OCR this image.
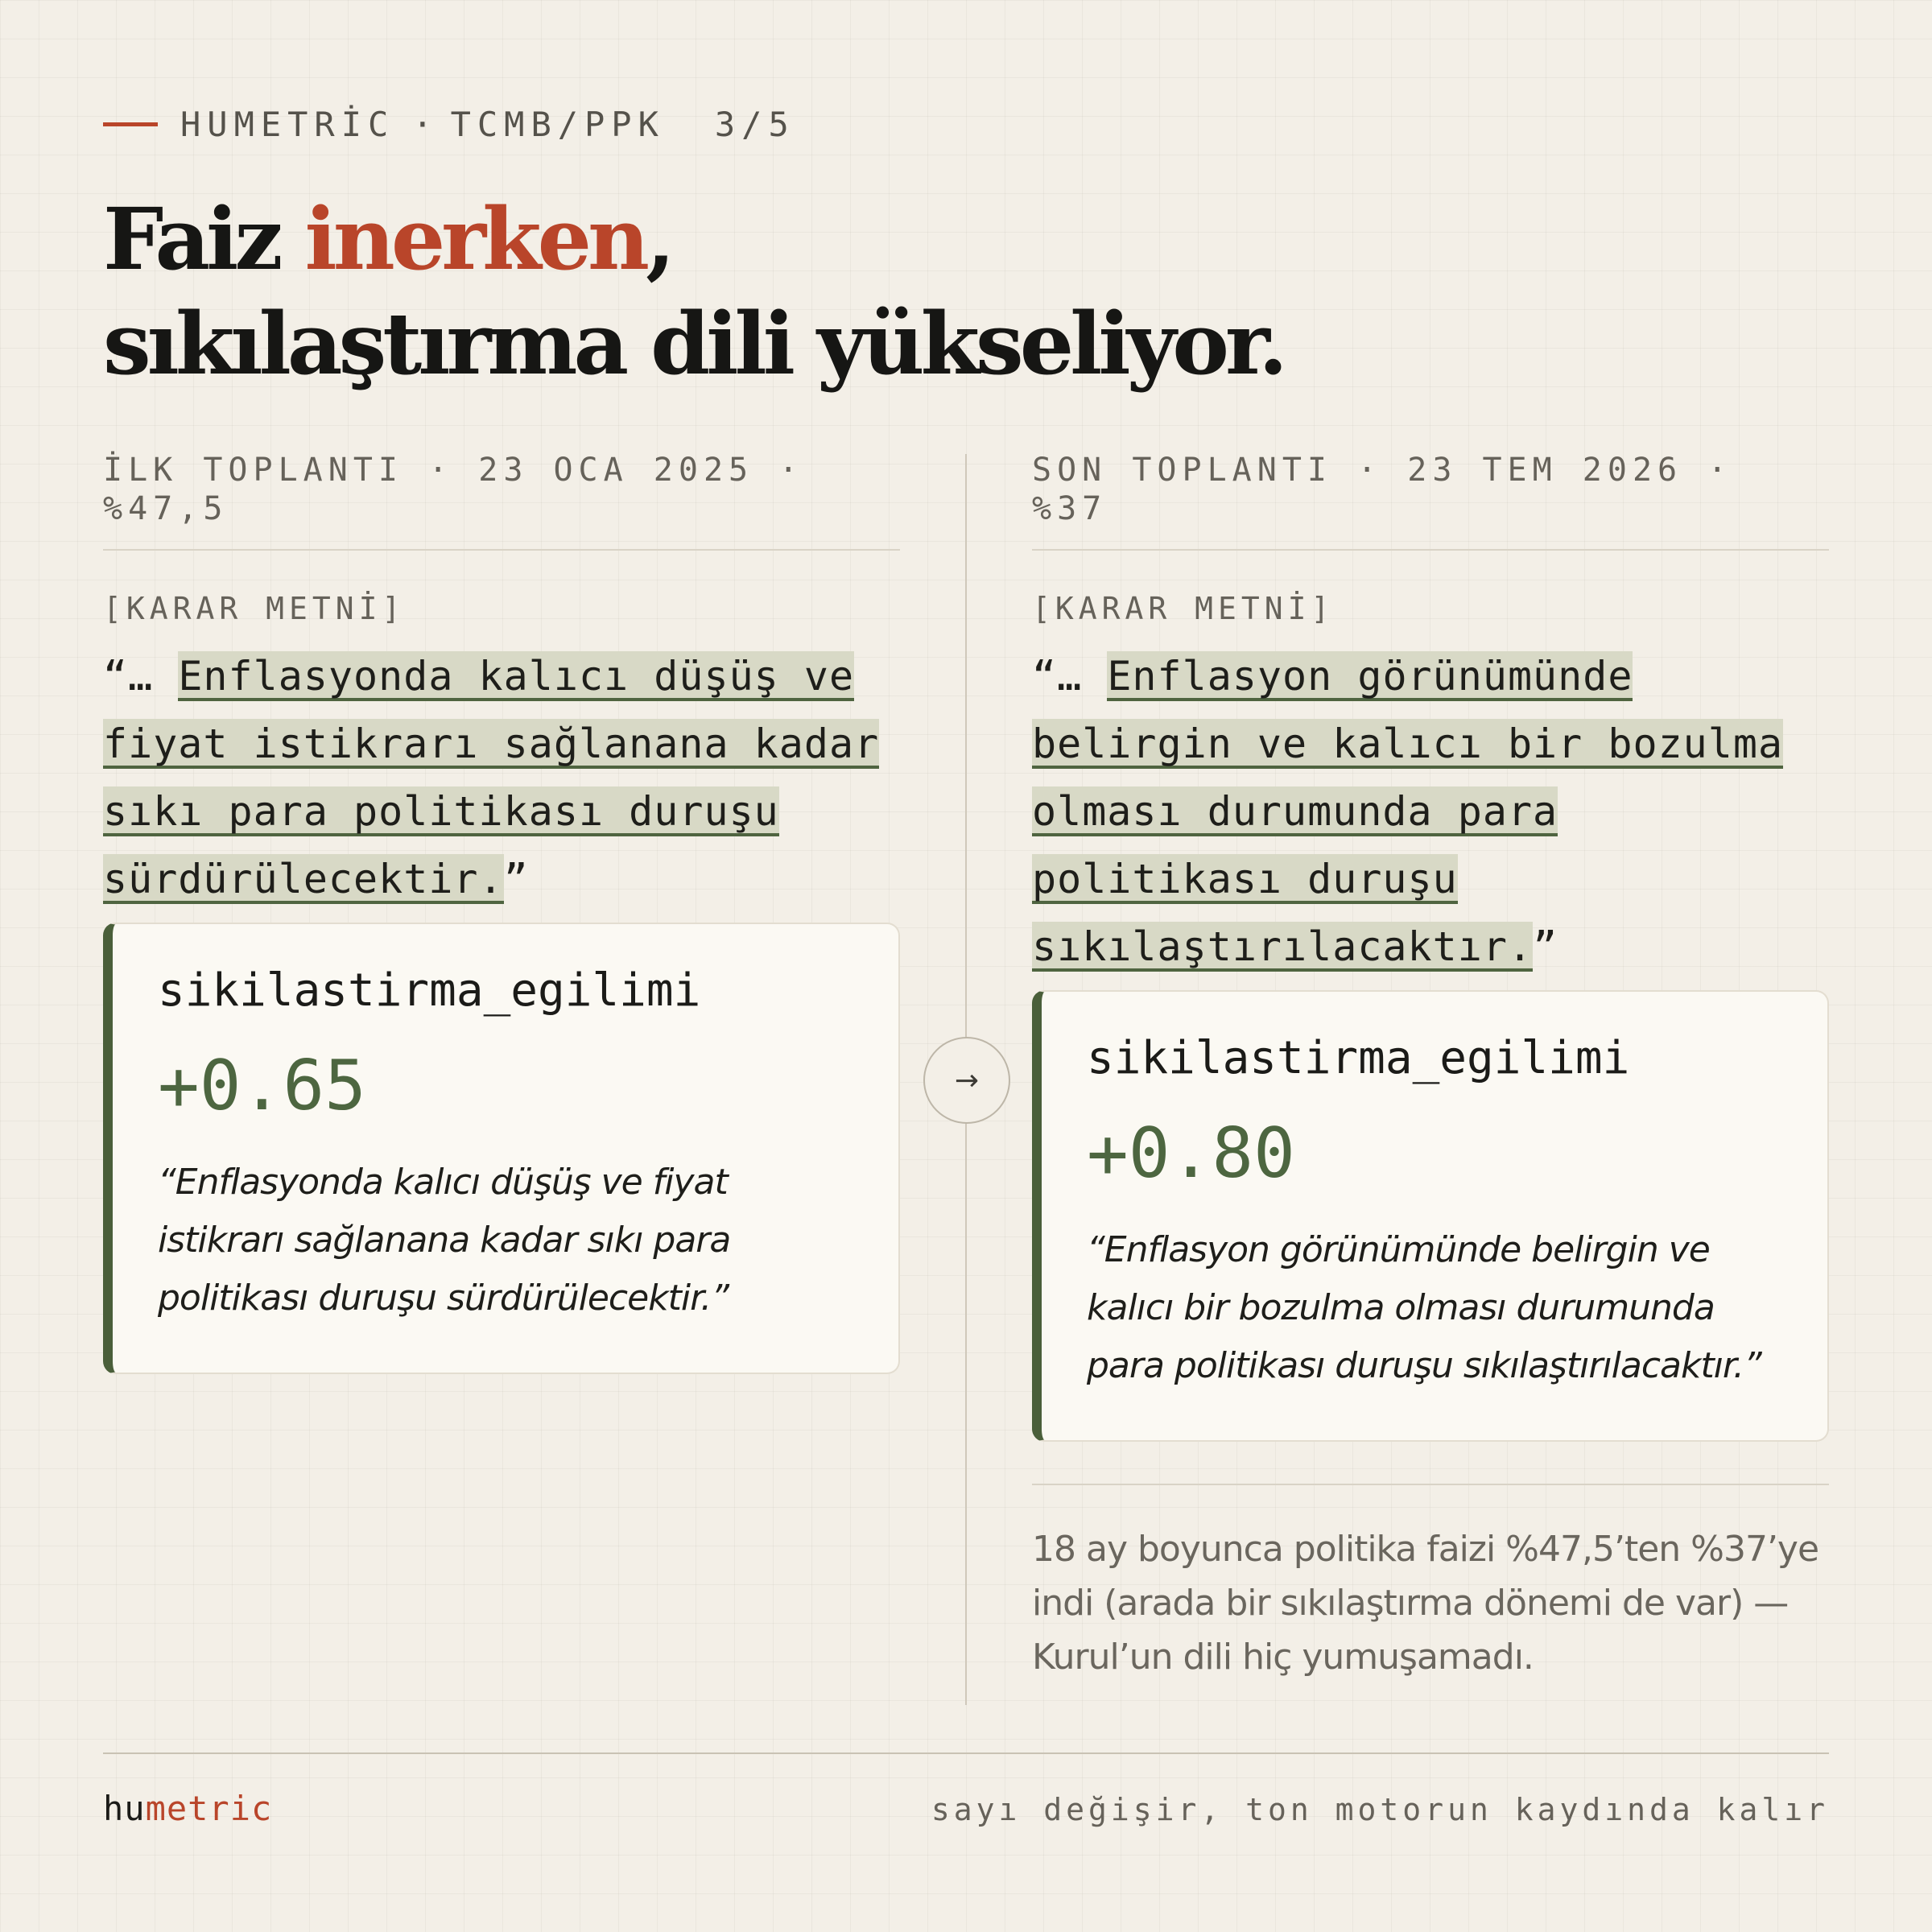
HUMETRİC · TCMB/PPK 3/5
Faiz inerken,
sıkılaştırma dili yükseliyor.
İLK TOPLANTI · 23 OCA 2025 · %47,5
[KARAR METNİ]
“… Enflasyonda kalıcı düşüş ve fiyat istikrarı sağlanana kadar sıkı para politikası duruşu sürdürülecektir.”
sikilastirma_egilimi
+0.65
“Enflasyonda kalıcı düşüş ve fiyat istikrarı sağlanana kadar sıkı para politikası duruşu sürdürülecektir.”
→
SON TOPLANTI · 23 TEM 2026 · %37
[KARAR METNİ]
“… Enflasyon görünümünde belirgin ve kalıcı bir bozulma olması durumunda para politikası duruşu sıkılaştırılacaktır.”
sikilastirma_egilimi
+0.80
“Enflasyon görünümünde belirgin ve kalıcı bir bozulma olması durumunda para politikası duruşu sıkılaştırılacaktır.”
18 ay boyunca politika faizi %47,5’ten %37’ye indi (arada bir sıkılaştırma dönemi de var) — Kurul’un dili hiç yumuşamadı.
humetric	sayı değişir, ton motorun kaydında kalır
